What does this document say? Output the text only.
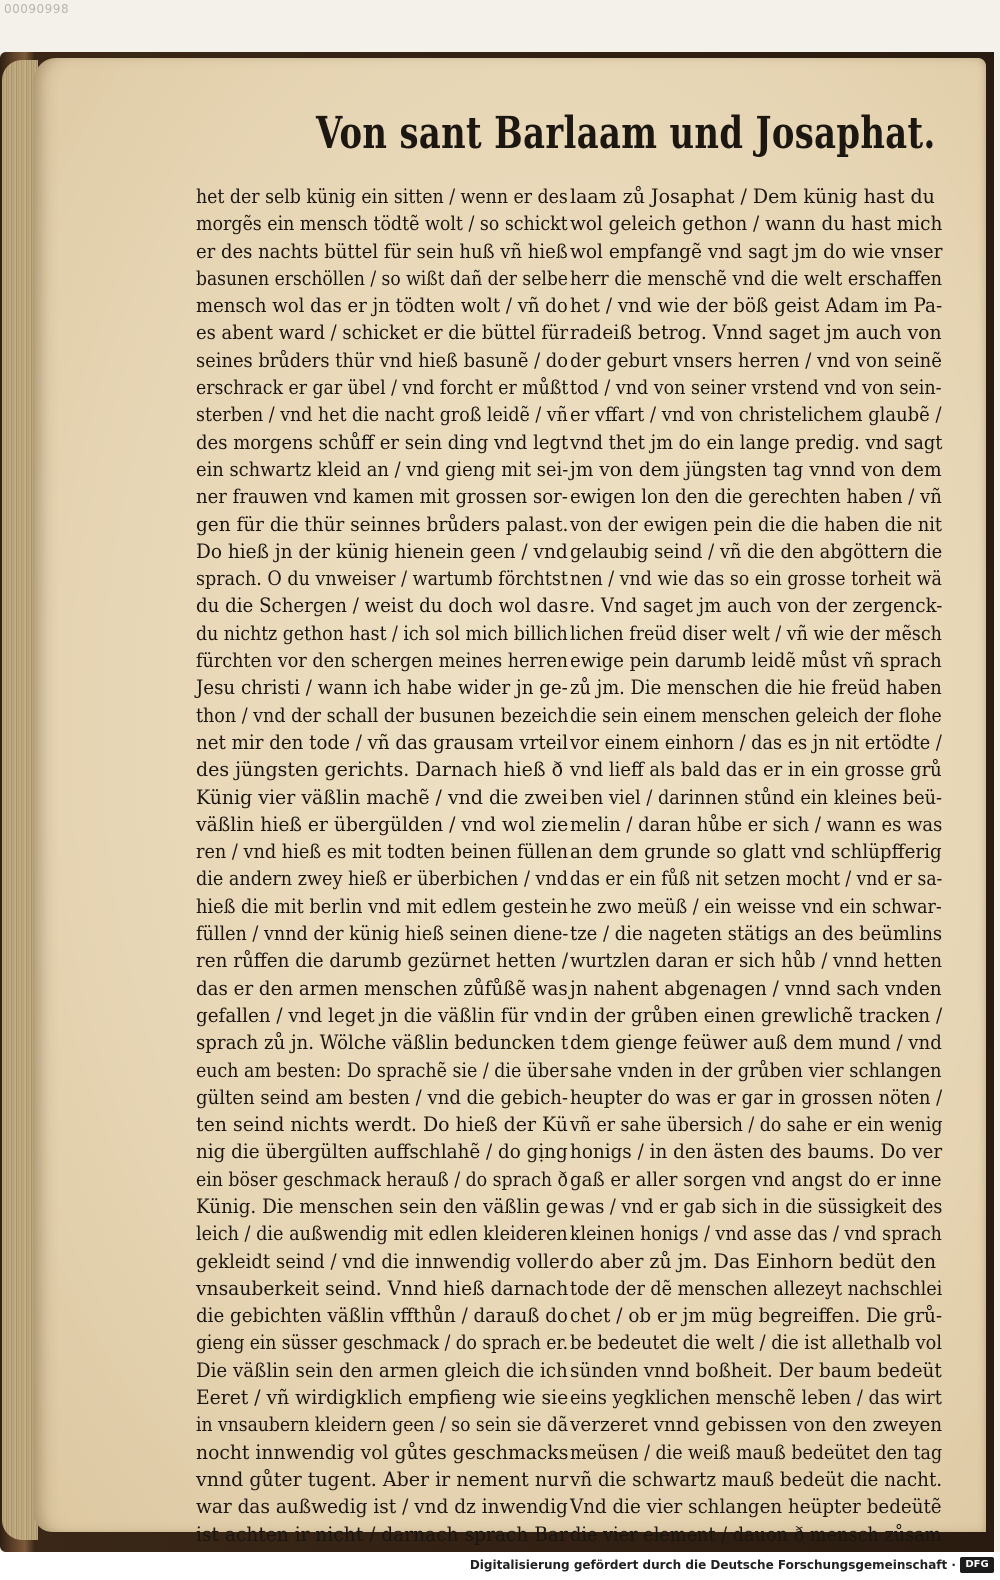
00090998
Von sant Barlaam und Josaphat.
het der selb künig ein sitten / wenn er des
morgẽs ein mensch tödtẽ wolt / so schickt
er des nachts büttel für sein huß vñ hieß
basunen erschöllen / so wißt dañ der selbe
mensch wol das er jn tödten wolt / vñ do
es abent ward / schicket er die büttel für
seines brůders thür vnd hieß basunẽ / do
erschrack er gar übel / vnd forcht er můßt
sterben / vnd het die nacht groß leidẽ / vñ
des morgens schůff er sein ding vnd legt
ein schwartz kleid an / vnd gieng mit sei-
ner frauwen vnd kamen mit grossen sor-
gen für die thür seinnes brůders palast.
Do hieß jn der künig hienein geen / vnd
sprach. O du vnweiser / wartumb förchtst
du die Schergen / weist du doch wol das
du nichtz gethon hast / ich sol mich billich
fürchten vor den schergen meines herren
Jesu christi / wann ich habe wider jn ge-
thon / vnd der schall der busunen bezeich
net mir den tode / vñ das grausam vrteil
des jüngsten gerichts. Darnach hieß ð
Künig vier väßlin machẽ / vnd die zwei
väßlin hieß er übergülden / vnd wol zie
ren / vnd hieß es mit todten beinen füllen
die andern zwey hieß er überbichen / vnd
hieß die mit berlin vnd mit edlem gestein
füllen / vnnd der künig hieß seinen diene-
ren růffen die darumb gezürnet hetten /
das er den armen menschen zůfůßẽ was
gefallen / vnd leget jn die väßlin für vnd
sprach zů jn. Wölche väßlin beduncken t
euch am besten: Do sprachẽ sie / die über
gülten seind am besten / vnd die gebich-
ten seind nichts werdt. Do hieß der Kü
nig die übergülten auffschlahẽ / do gịng
ein böser geschmack herauß / do sprach ð
Künig. Die menschen sein den väßlin ge
leich / die außwendig mit edlen kleideren
gekleidt seind / vnd die innwendig voller
vnsauberkeit seind. Vnnd hieß darnach
die gebichten väßlin vffthůn / darauß do
gieng ein süsser geschmack / do sprach er.
Die väßlin sein den armen gleich die ich
Eeret / vñ wirdigklich empfieng wie sie
in vnsaubern kleidern geen / so sein sie dã
nocht innwendig vol gůtes geschmacks
vnnd gůter tugent. Aber ir nement nur
war das außwedig ist / vnd dz inwendig
ist achten ir nicht / darnach sprach Bar
laam zů Josaphat / Dem künig hast du
wol geleich gethon / wann du hast mich
wol empfangẽ vnd sagt jm do wie vnser
herr die menschẽ vnd die welt erschaffen
het / vnd wie der böß geist Adam im Pa-
radeiß betrog. Vnnd saget jm auch von
der geburt vnsers herren / vnd von seinẽ
tod / vnd von seiner vrstend vnd von sein-
er vffart / vnd von christelichem glaubẽ /
vnd thet jm do ein lange predig. vnd sagt
jm von dem jüngsten tag vnnd von dem
ewigen lon den die gerechten haben / vñ
von der ewigen pein die die haben die nit
gelaubig seind / vñ die den abgöttern die
nen / vnd wie das so ein grosse torheit wä
re. Vnd saget jm auch von der zergenck-
lichen freüd diser welt / vñ wie der mẽsch
ewige pein darumb leidẽ můst vñ sprach
zů jm. Die menschen die hie freüd haben
die sein einem menschen geleich der flohe
vor einem einhorn / das es jn nit ertödte /
vnd lieff als bald das er in ein grosse grů
ben viel / darinnen stůnd ein kleines beü-
melin / daran hůbe er sich / wann es was
an dem grunde so glatt vnd schlüpfferig
das er ein fůß nit setzen mocht / vnd er sa-
he zwo meüß / ein weisse vnd ein schwar-
tze / die nageten stätigs an des beümlins
wurtzlen daran er sich hůb / vnnd hetten
jn nahent abgenagen / vnnd sach vnden
in der grůben einen grewlichẽ tracken /
dem gienge feüwer auß dem mund / vnd
sahe vnden in der grůben vier schlangen
heupter do was er gar in grossen nöten /
vñ er sahe übersich / do sahe er ein wenig
honigs / in den ästen des baums. Do ver
gaß er aller sorgen vnd angst do er inne
was / vnd er gab sich in die süssigkeit des
kleinen honigs / vnd asse das / vnd sprach
do aber zů jm. Das Einhorn bedüt den
tode der dẽ menschen allezeyt nachschlei
chet / ob er jm müg begreiffen. Die grů-
be bedeutet die welt / die ist allethalb vol
sünden vnnd boßheit. Der baum bedeüt
eins yegklichen menschẽ leben / das wirt
verzeret vnnd gebissen von den zweyen
meüsen / die weiß mauß bedeütet den tag
vñ die schwartz mauß bedeüt die nacht.
Vnd die vier schlangen heüpter bedeütẽ
die vier element / dauon ð mensch zůsam
Digitalisierung gefördert durch die Deutsche Forschungsgemeinschaft · DFG
